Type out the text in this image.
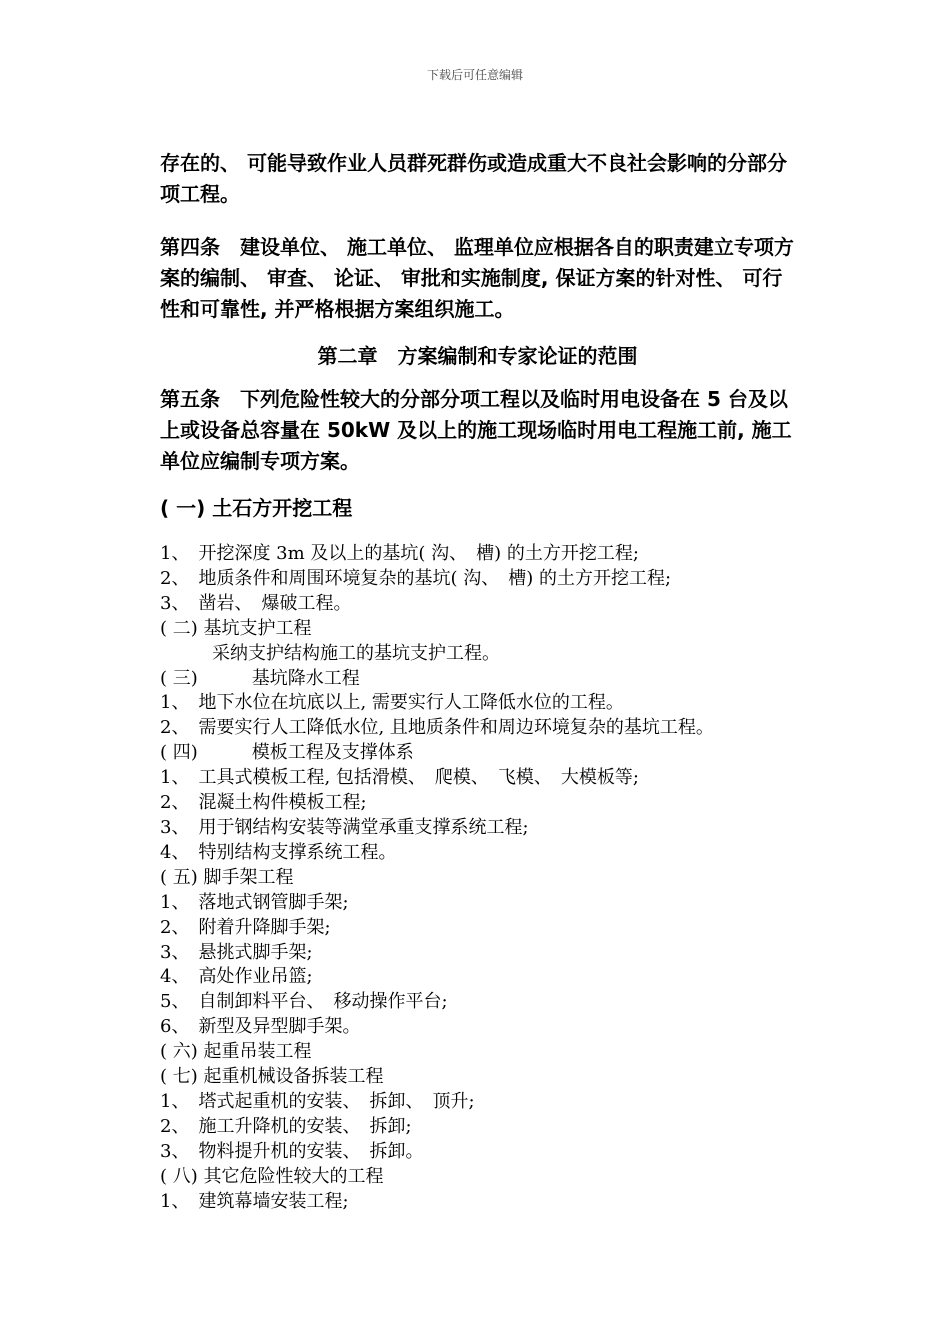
下载后可任意编辑

存在的、 可能导致作业人员群死群伤或造成重大不良社会影响的分部分项工程。

第四条　建设单位、 施工单位、 监理单位应根据各自的职责建立专项方案的编制、 审查、 论证、 审批和实施制度, 保证方案的针对性、 可行性和可靠性, 并严格根据方案组织施工。

第二章　方案编制和专家论证的范围

第五条　下列危险性较大的分部分项工程以及临时用电设备在 5 台及以上或设备总容量在 50kW 及以上的施工现场临时用电工程施工前, 施工单位应编制专项方案。

( 一) 土石方开挖工程

1、　开挖深度 3m 及以上的基坑( 沟、　槽) 的土方开挖工程;

2、　地质条件和周围环境复杂的基坑( 沟、　槽) 的土方开挖工程;

3、　凿岩、　爆破工程。

( 二) 基坑支护工程

采纳支护结构施工的基坑支护工程。

( 三)　　　基坑降水工程

1、　地下水位在坑底以上, 需要实行人工降低水位的工程。

2、　需要实行人工降低水位, 且地质条件和周边环境复杂的基坑工程。

( 四)　　　模板工程及支撑体系

1、　工具式模板工程, 包括滑模、　爬模、　飞模、　大模板等;

2、　混凝土构件模板工程;

3、　用于钢结构安装等满堂承重支撑系统工程;

4、　特别结构支撑系统工程。

( 五) 脚手架工程

1、　落地式钢管脚手架;

2、　附着升降脚手架;

3、　悬挑式脚手架;

4、　高处作业吊篮;

5、　自制卸料平台、　移动操作平台;

6、　新型及异型脚手架。

( 六) 起重吊装工程

( 七) 起重机械设备拆装工程

1、　塔式起重机的安装、　拆卸、　顶升;

2、　施工升降机的安装、　拆卸;

3、　物料提升机的安装、　拆卸。

( 八) 其它危险性较大的工程

1、　建筑幕墙安装工程;
